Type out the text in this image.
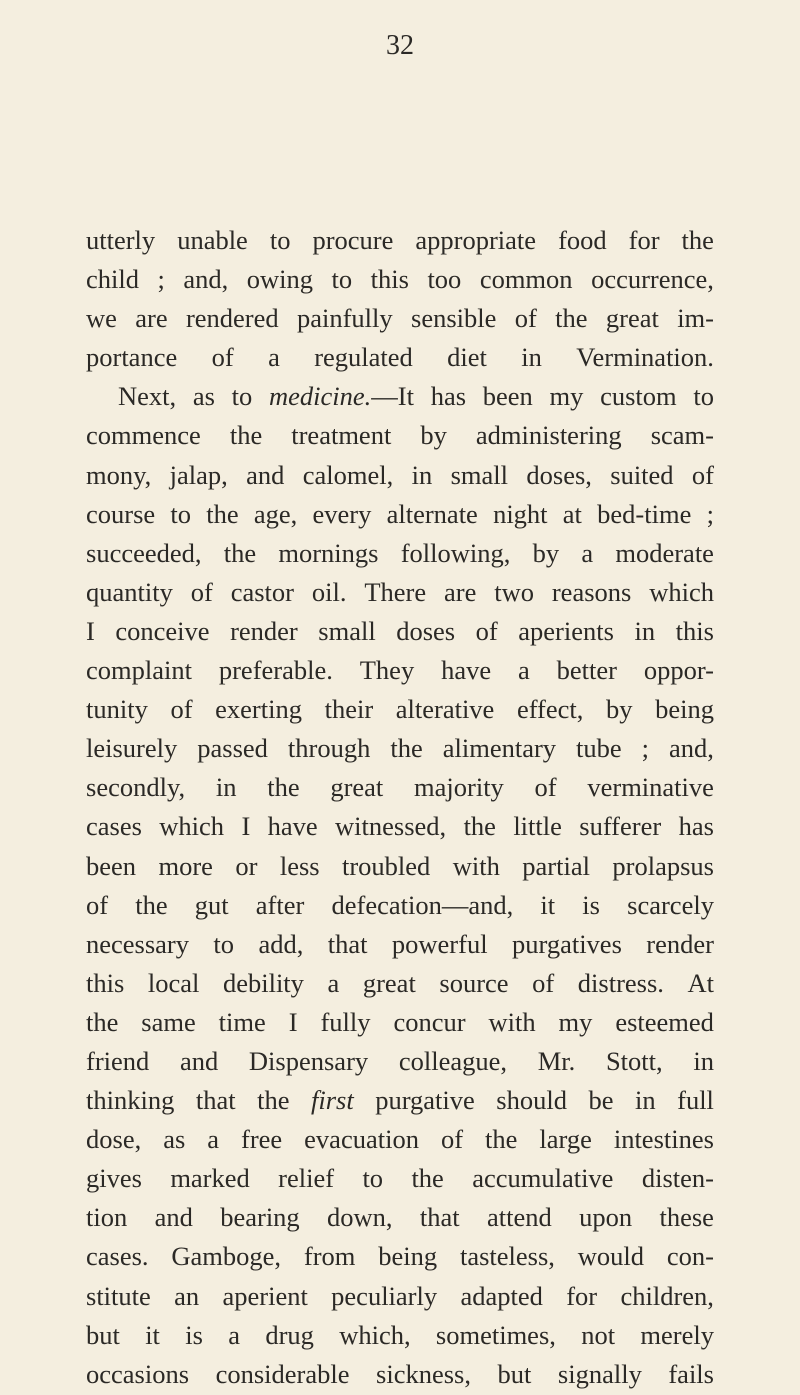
32
utterly unable to procure appropriate food for the
child ; and, owing to this too common occurrence,
we are rendered painfully sensible of the great im-
portance of a regulated diet in Vermination.
Next, as to medicine.—It has been my custom to
commence the treatment by administering scam-
mony, jalap, and calomel, in small doses, suited of
course to the age, every alternate night at bed-time ;
succeeded, the mornings following, by a moderate
quantity of castor oil. There are two reasons which
I conceive render small doses of aperients in this
complaint preferable. They have a better oppor-
tunity of exerting their alterative effect, by being
leisurely passed through the alimentary tube ; and,
secondly, in the great majority of verminative
cases which I have witnessed, the little sufferer has
been more or less troubled with partial prolapsus
of the gut after defecation—and, it is scarcely
necessary to add, that powerful purgatives render
this local debility a great source of distress. At
the same time I fully concur with my esteemed
friend and Dispensary colleague, Mr. Stott, in
thinking that the first purgative should be in full
dose, as a free evacuation of the large intestines
gives marked relief to the accumulative disten-
tion and bearing down, that attend upon these
cases. Gamboge, from being tasteless, would con-
stitute an aperient peculiarly adapted for children,
but it is a drug which, sometimes, not merely
occasions considerable sickness, but signally fails
